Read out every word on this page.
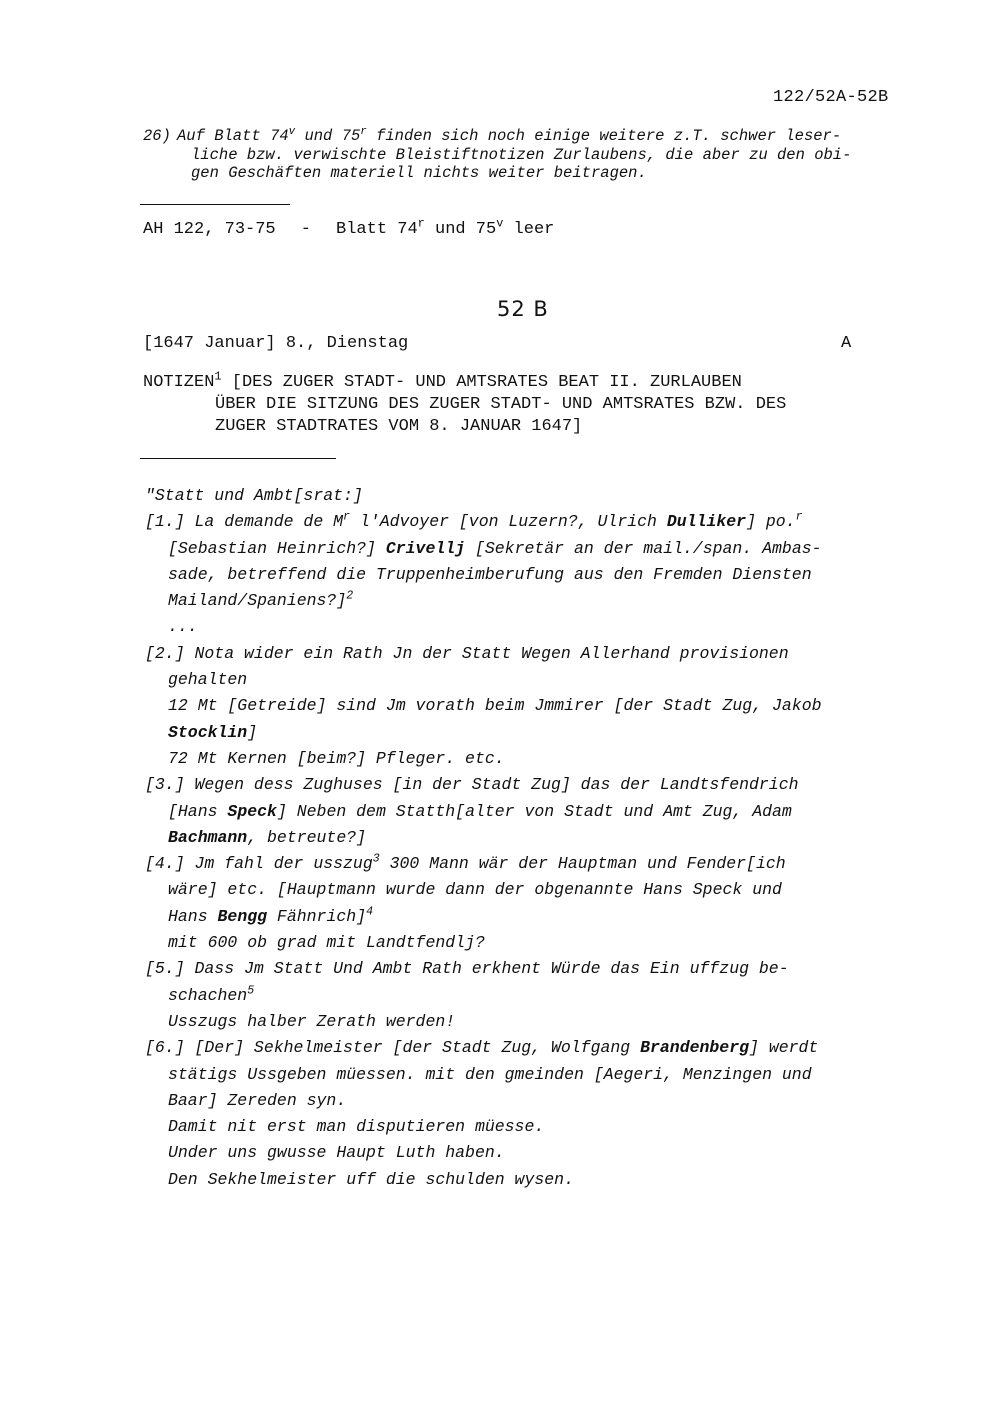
122/52A-52B
26) Auf Blatt 74$^v$ und 75$^r$ finden sich noch einige weitere z.T. schwer leser-
liche bzw. verwischte Bleistiftnotizen Zurlaubens, die aber zu den obi-
gen Geschäften materiell nichts weiter beitragen.
AH 122, 73-75 - Blatt 74$^r$ und 75$^v$ leer
52 B
[1647 Januar] 8., Dienstag	A
NOTIZEN$^1$ [DES ZUGER STADT- UND AMTSRATES BEAT II. ZURLAUBEN
ÜBER DIE SITZUNG DES ZUGER STADT- UND AMTSRATES BZW. DES
ZUGER STADTRATES VOM 8. JANUAR 1647]
"Statt und Ambt[srat:]
[1.] La demande de $M^r$ l'Advoyer [von Luzern?, Ulrich Dulliker] po.$^r$
[Sebastian Heinrich?] Crivellj [Sekretär an der mail./span. Ambas-
sade, betreffend die Truppenheimberufung aus den Fremden Diensten
Mailand/Spaniens?]$^2$
...
[2.] Nota wider ein Rath Jn der Statt Wegen Allerhand provisionen
gehalten
12 Mt [Getreide] sind Jm vorath beim Jmmirer [der Stadt Zug, Jakob
Stocklin]
72 Mt Kernen [beim?] Pfleger. etc.
[3.] Wegen dess Zughuses [in der Stadt Zug] das der Landtsfendrich
[Hans Speck] Neben dem Statth[alter von Stadt und Amt Zug, Adam
Bachmann, betreute?]
[4.] Jm fahl der usszug$^3$ 300 Mann wär der Hauptman und Fender[ich
wäre] etc. [Hauptmann wurde dann der obgenannte Hans Speck und
Hans Bengg Fähnrich]$^4$
mit 600 ob grad mit Landtfendlj?
[5.] Dass Jm Statt Und Ambt Rath erkhent Würde das Ein uffzug be-
schachen$^5$
Usszugs halber Zerath werden!
[6.] [Der] Sekhelmeister [der Stadt Zug, Wolfgang Brandenberg] werdt
stätigs Ussgeben müessen. mit den gmeinden [Aegeri, Menzingen und
Baar] Zereden syn.
Damit nit erst man disputieren müesse.
Under uns gwusse Haupt Luth haben.
Den Sekhelmeister uff die schulden wysen.
